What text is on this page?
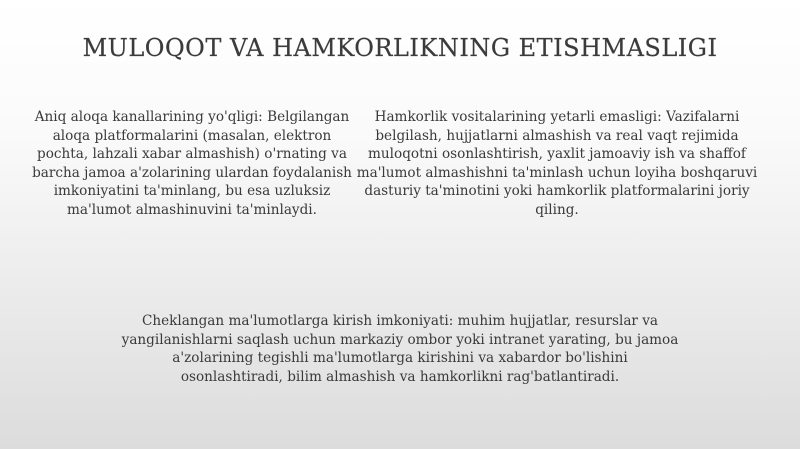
MULOQOT VA HAMKORLIKNING ETISHMASLIGI

Aniq aloqa kanallarining yo'qligi: Belgilangan aloqa platformalarini (masalan, elektron pochta, lahzali xabar almashish) o'rnating va barcha jamoa a'zolarining ulardan foydalanish imkoniyatini ta'minlang, bu esa uzluksiz ma'lumot almashinuvini ta'minlaydi.

Hamkorlik vositalarining yetarli emasligi: Vazifalarni belgilash, hujjatlarni almashish va real vaqt rejimida muloqotni osonlashtirish, yaxlit jamoaviy ish va shaffof ma'lumot almashishni ta'minlash uchun loyiha boshqaruvi dasturiy ta'minotini yoki hamkorlik platformalarini joriy qiling.

Cheklangan ma'lumotlarga kirish imkoniyati: muhim hujjatlar, resurslar va yangilanishlarni saqlash uchun markaziy ombor yoki intranet yarating, bu jamoa a'zolarining tegishli ma'lumotlarga kirishini va xabardor bo'lishini osonlashtiradi, bilim almashish va hamkorlikni rag'batlantiradi.
